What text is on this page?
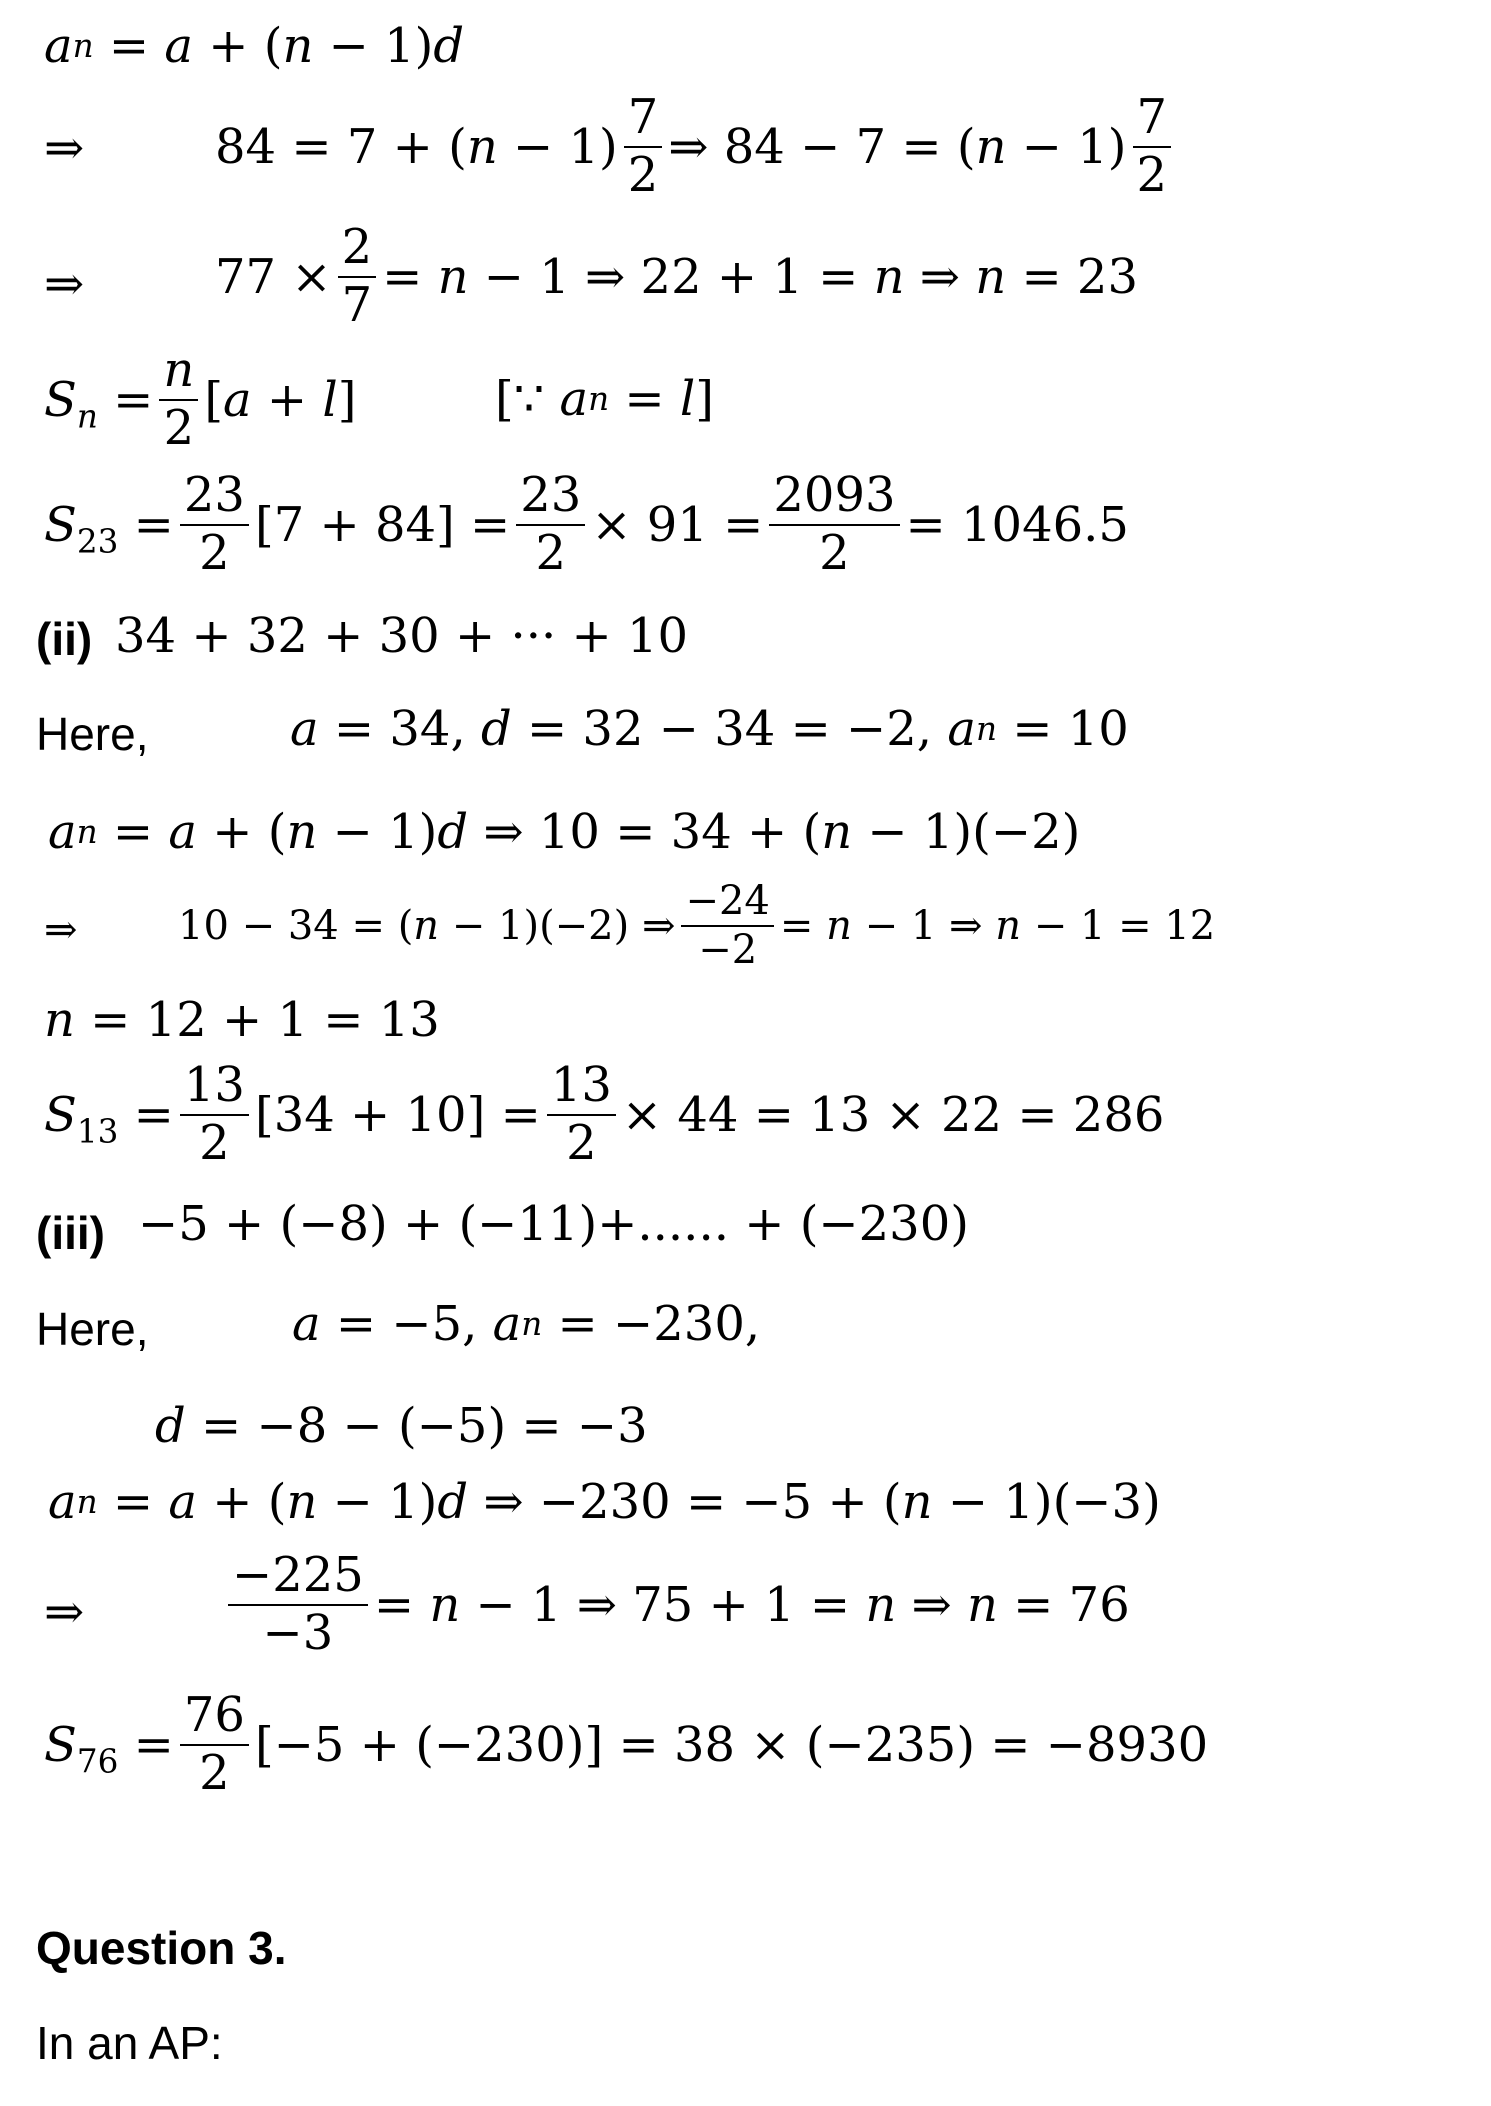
a n = a + ( n − 1) d
⇒	$84 = 7 + (n - 1) \frac{7}{2}$ ⇒ $84 - 7 = (n - 1) \frac{7}{2}$
⇒	$77 \times \frac{2}{7} = n - 1$ ⇒ 22 + 1 = n ⇒ n = 23
$S_n = \frac{n}{2} [a + l]$	[∵ a n = l ]
$S_{23} = \frac{23}{2} [7 + 84] = \frac{23}{2} \times 91 = \frac{2093}{2} = 1046.5$
(ii) 34 + 32 + 30 + ··· + 10
Here,	a = 34, d = 32 − 34 = −2, a n = 10
a n = a + ( n − 1) d ⇒ 10 = 34 + ( n − 1)(−2)
⇒	10 − 34 = (n − 1)(−2) ⇒ $\frac{-24}{-2} = n - 1$ ⇒ n − 1 = 12
n = 12 + 1 = 13
$S_{13} = \frac{13}{2} [34 + 10] = \frac{13}{2} \times 44 = 13 \times 22 = 286$
(iii) −5 + (−8) + (−11)+...... + (−230)
Here,	a = −5, a n = −230,
d = −8 − (−5) = −3
a n = a + ( n − 1) d ⇒ −230 = −5 + ( n − 1)(−3)
⇒	$\frac{-225}{-3} = n - 1$ ⇒ 75 + 1 = n ⇒ n = 76
$S_{76} = \frac{76}{2} [-5 + (-230)] = 38 \times (-235) = -8930$
Question 3.
In an AP:
